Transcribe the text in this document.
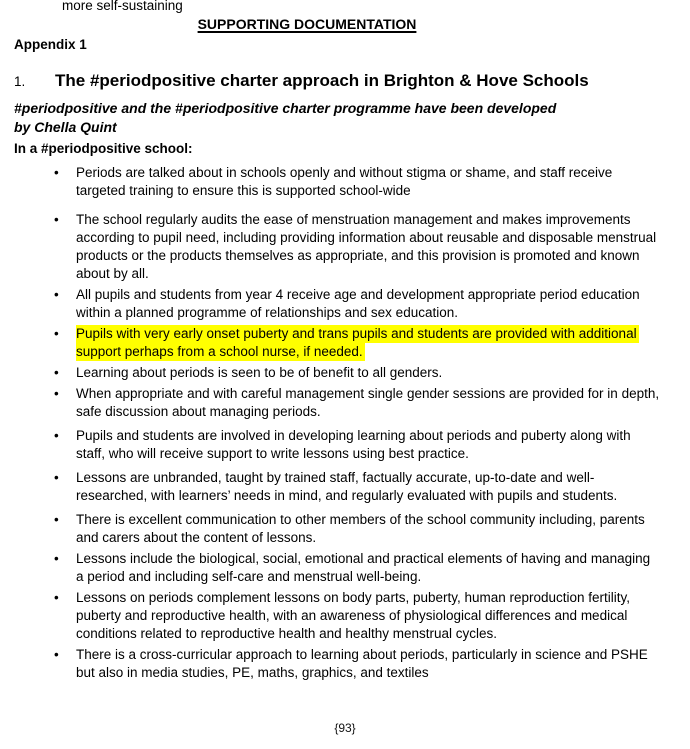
more self-sustaining
SUPPORTING DOCUMENTATION
Appendix 1
1.	The #periodpositive charter approach in Brighton & Hove Schools
#periodpositive and the #periodpositive charter programme have been developed
by Chella Quint
In a #periodpositive school:
• Periods are talked about in schools openly and without stigma or shame, and staff receive targeted training to ensure this is supported school-wide
• The school regularly audits the ease of menstruation management and makes improvements according to pupil need, including providing information about reusable and disposable menstrual products or the products themselves as appropriate, and this provision is promoted and known about by all.
• All pupils and students from year 4 receive age and development appropriate period education within a planned programme of relationships and sex education.
• Pupils with very early onset puberty and trans pupils and students are provided with additional support perhaps from a school nurse, if needed.
• Learning about periods is seen to be of benefit to all genders.
• When appropriate and with careful management single gender sessions are provided for in depth, safe discussion about managing periods.
• Pupils and students are involved in developing learning about periods and puberty along with staff, who will receive support to write lessons using best practice.
• Lessons are unbranded, taught by trained staff, factually accurate, up-to-date and well-researched, with learners’ needs in mind, and regularly evaluated with pupils and students.
• There is excellent communication to other members of the school community including, parents and carers about the content of lessons.
• Lessons include the biological, social, emotional and practical elements of having and managing a period and including self-care and menstrual well-being.
• Lessons on periods complement lessons on body parts, puberty, human reproduction fertility, puberty and reproductive health, with an awareness of physiological differences and medical conditions related to reproductive health and healthy menstrual cycles.
• There is a cross-curricular approach to learning about periods, particularly in science and PSHE but also in media studies, PE, maths, graphics, and textiles
{93}
